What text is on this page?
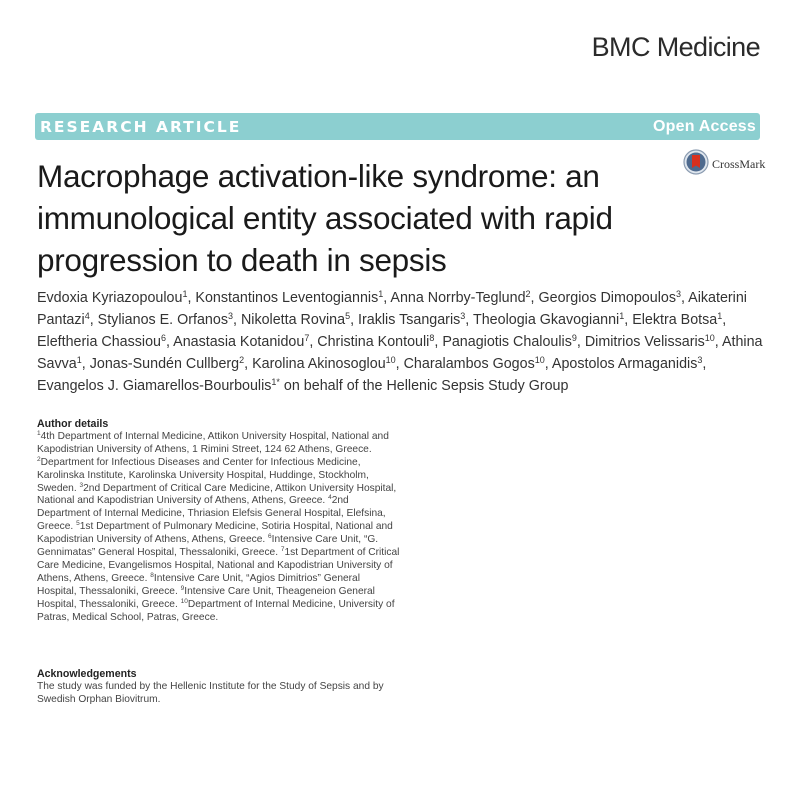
BMC Medicine
RESEARCH ARTICLE	Open Access
CrossMark
Macrophage activation-like syndrome: an immunological entity associated with rapid progression to death in sepsis

Evdoxia Kyriazopoulou$^1$, Konstantinos Leventogiannis$^1$, Anna Norrby-Teglund$^2$, Georgios Dimopoulos$^3$, Aikaterini Pantazi$^4$, Stylianos E. Orfanos$^3$, Nikoletta Rovina$^5$, Iraklis Tsangaris$^3$, Theologia Gkavogianni$^1$, Elektra Botsa$^1$, Eleftheria Chassiou$^6$, Anastasia Kotanidou$^7$, Christina Kontouli$^8$, Panagiotis Chaloulis$^9$, Dimitrios Velissaris$^{10}$, Athina Savva$^1$, Jonas-Sundén Cullberg$^2$, Karolina Akinosoglou$^{10}$, Charalambos Gogos$^{10}$, Apostolos Armaganidis$^3$, Evangelos J. Giamarellos-Bourboulis$^{1*}$ on behalf of the Hellenic Sepsis Study Group

Author details
$^1$4th Department of Internal Medicine, Attikon University Hospital, National and Kapodistrian University of Athens, 1 Rimini Street, 124 62 Athens, Greece. $^2$Department for Infectious Diseases and Center for Infectious Medicine, Karolinska Institute, Karolinska University Hospital, Huddinge, Stockholm, Sweden. $^3$2nd Department of Critical Care Medicine, Attikon University Hospital, National and Kapodistrian University of Athens, Athens, Greece. $^4$2nd Department of Internal Medicine, Thriasion Elefsis General Hospital, Elefsina, Greece. $^5$1st Department of Pulmonary Medicine, Sotiria Hospital, National and Kapodistrian University of Athens, Athens, Greece. $^6$Intensive Care Unit, “G. Gennimatas” General Hospital, Thessaloniki, Greece. $^7$1st Department of Critical Care Medicine, Evangelismos Hospital, National and Kapodistrian University of Athens, Athens, Greece. $^8$Intensive Care Unit, “Agios Dimitrios” General Hospital, Thessaloniki, Greece. $^9$Intensive Care Unit, Theageneion General Hospital, Thessaloniki, Greece. $^{10}$Department of Internal Medicine, University of Patras, Medical School, Patras, Greece.
Acknowledgements
The study was funded by the Hellenic Institute for the Study of Sepsis and by Swedish Orphan Biovitrum.
